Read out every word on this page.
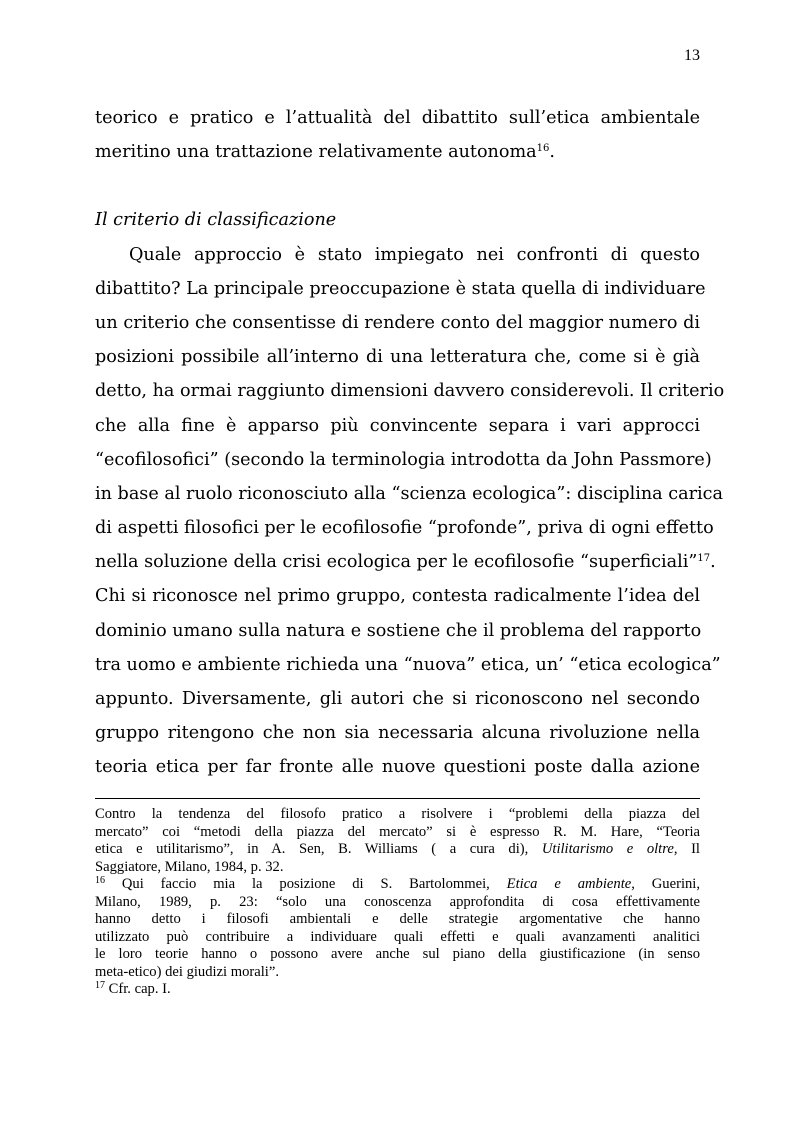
13
teorico e pratico e l’attualità del dibattito sull’etica ambientale
meritino una trattazione relativamente autonoma$^{16}$.
Il criterio di classificazione
Quale approccio è stato impiegato nei confronti di questo
dibattito? La principale preoccupazione è stata quella di individuare
un criterio che consentisse di rendere conto del maggior numero di
posizioni possibile all’interno di una letteratura che, come si è già
detto, ha ormai raggiunto dimensioni davvero considerevoli. Il criterio
che alla fine è apparso più convincente separa i vari approcci
“ecofilosofici” (secondo la terminologia introdotta da John Passmore)
in base al ruolo riconosciuto alla “scienza ecologica”: disciplina carica
di aspetti filosofici per le ecofilosofie “profonde”, priva di ogni effetto
nella soluzione della crisi ecologica per le ecofilosofie “superficiali”$^{17}$.
Chi si riconosce nel primo gruppo, contesta radicalmente l’idea del
dominio umano sulla natura e sostiene che il problema del rapporto
tra uomo e ambiente richieda una “nuova” etica, un’ “etica ecologica”
appunto. Diversamente, gli autori che si riconoscono nel secondo
gruppo ritengono che non sia necessaria alcuna rivoluzione nella
teoria etica per far fronte alle nuove questioni poste dalla azione
Contro la tendenza del filosofo pratico a risolvere i “problemi della piazza del
mercato” coi “metodi della piazza del mercato” si è espresso R. M. Hare, “Teoria
etica e utilitarismo”, in A. Sen, B. Williams ( a cura di), Utilitarismo e oltre, Il
Saggiatore, Milano, 1984, p. 32.
$^{16}$ Qui faccio mia la posizione di S. Bartolommei, Etica e ambiente, Guerini,
Milano, 1989, p. 23: “solo una conoscenza approfondita di cosa effettivamente
hanno detto i filosofi ambientali e delle strategie argomentative che hanno
utilizzato può contribuire a individuare quali effetti e quali avanzamenti analitici
le loro teorie hanno o possono avere anche sul piano della giustificazione (in senso
meta-etico) dei giudizi morali”.
$^{17}$ Cfr. cap. I.
